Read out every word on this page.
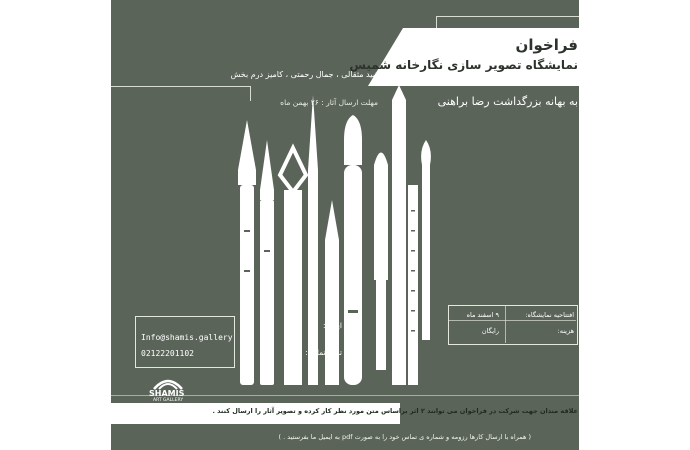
فراخوان
نمایشگاه تصویر سازی نگارخانه شمیس
به بهانه بزرگداشت رضا براهنی
داوران : فرشید مثقالی ، جمال رحمتی ، کامیز درم بخش
مهلت ارسال آثار : ۲۶ بهمن ماه
ایمیل:
Info@shamis.gallery
تلفن تماس:
02122201102
افتتاحیه نمایشگاه:
۹ اسفند ماه
هزینه:
رایگان
SHAMIS
ART GALLERY
علاقه مندان جهت شرکت در فراخوان می توانند ۲ اثر براساس متن مورد نظر کار کرده و تصویر آثار را ارسال کنند .
( همراه با ارسال کارها رزومه و شماره ی تماس خود را به صورت pdf به ایمیل ما بفرستید . )
